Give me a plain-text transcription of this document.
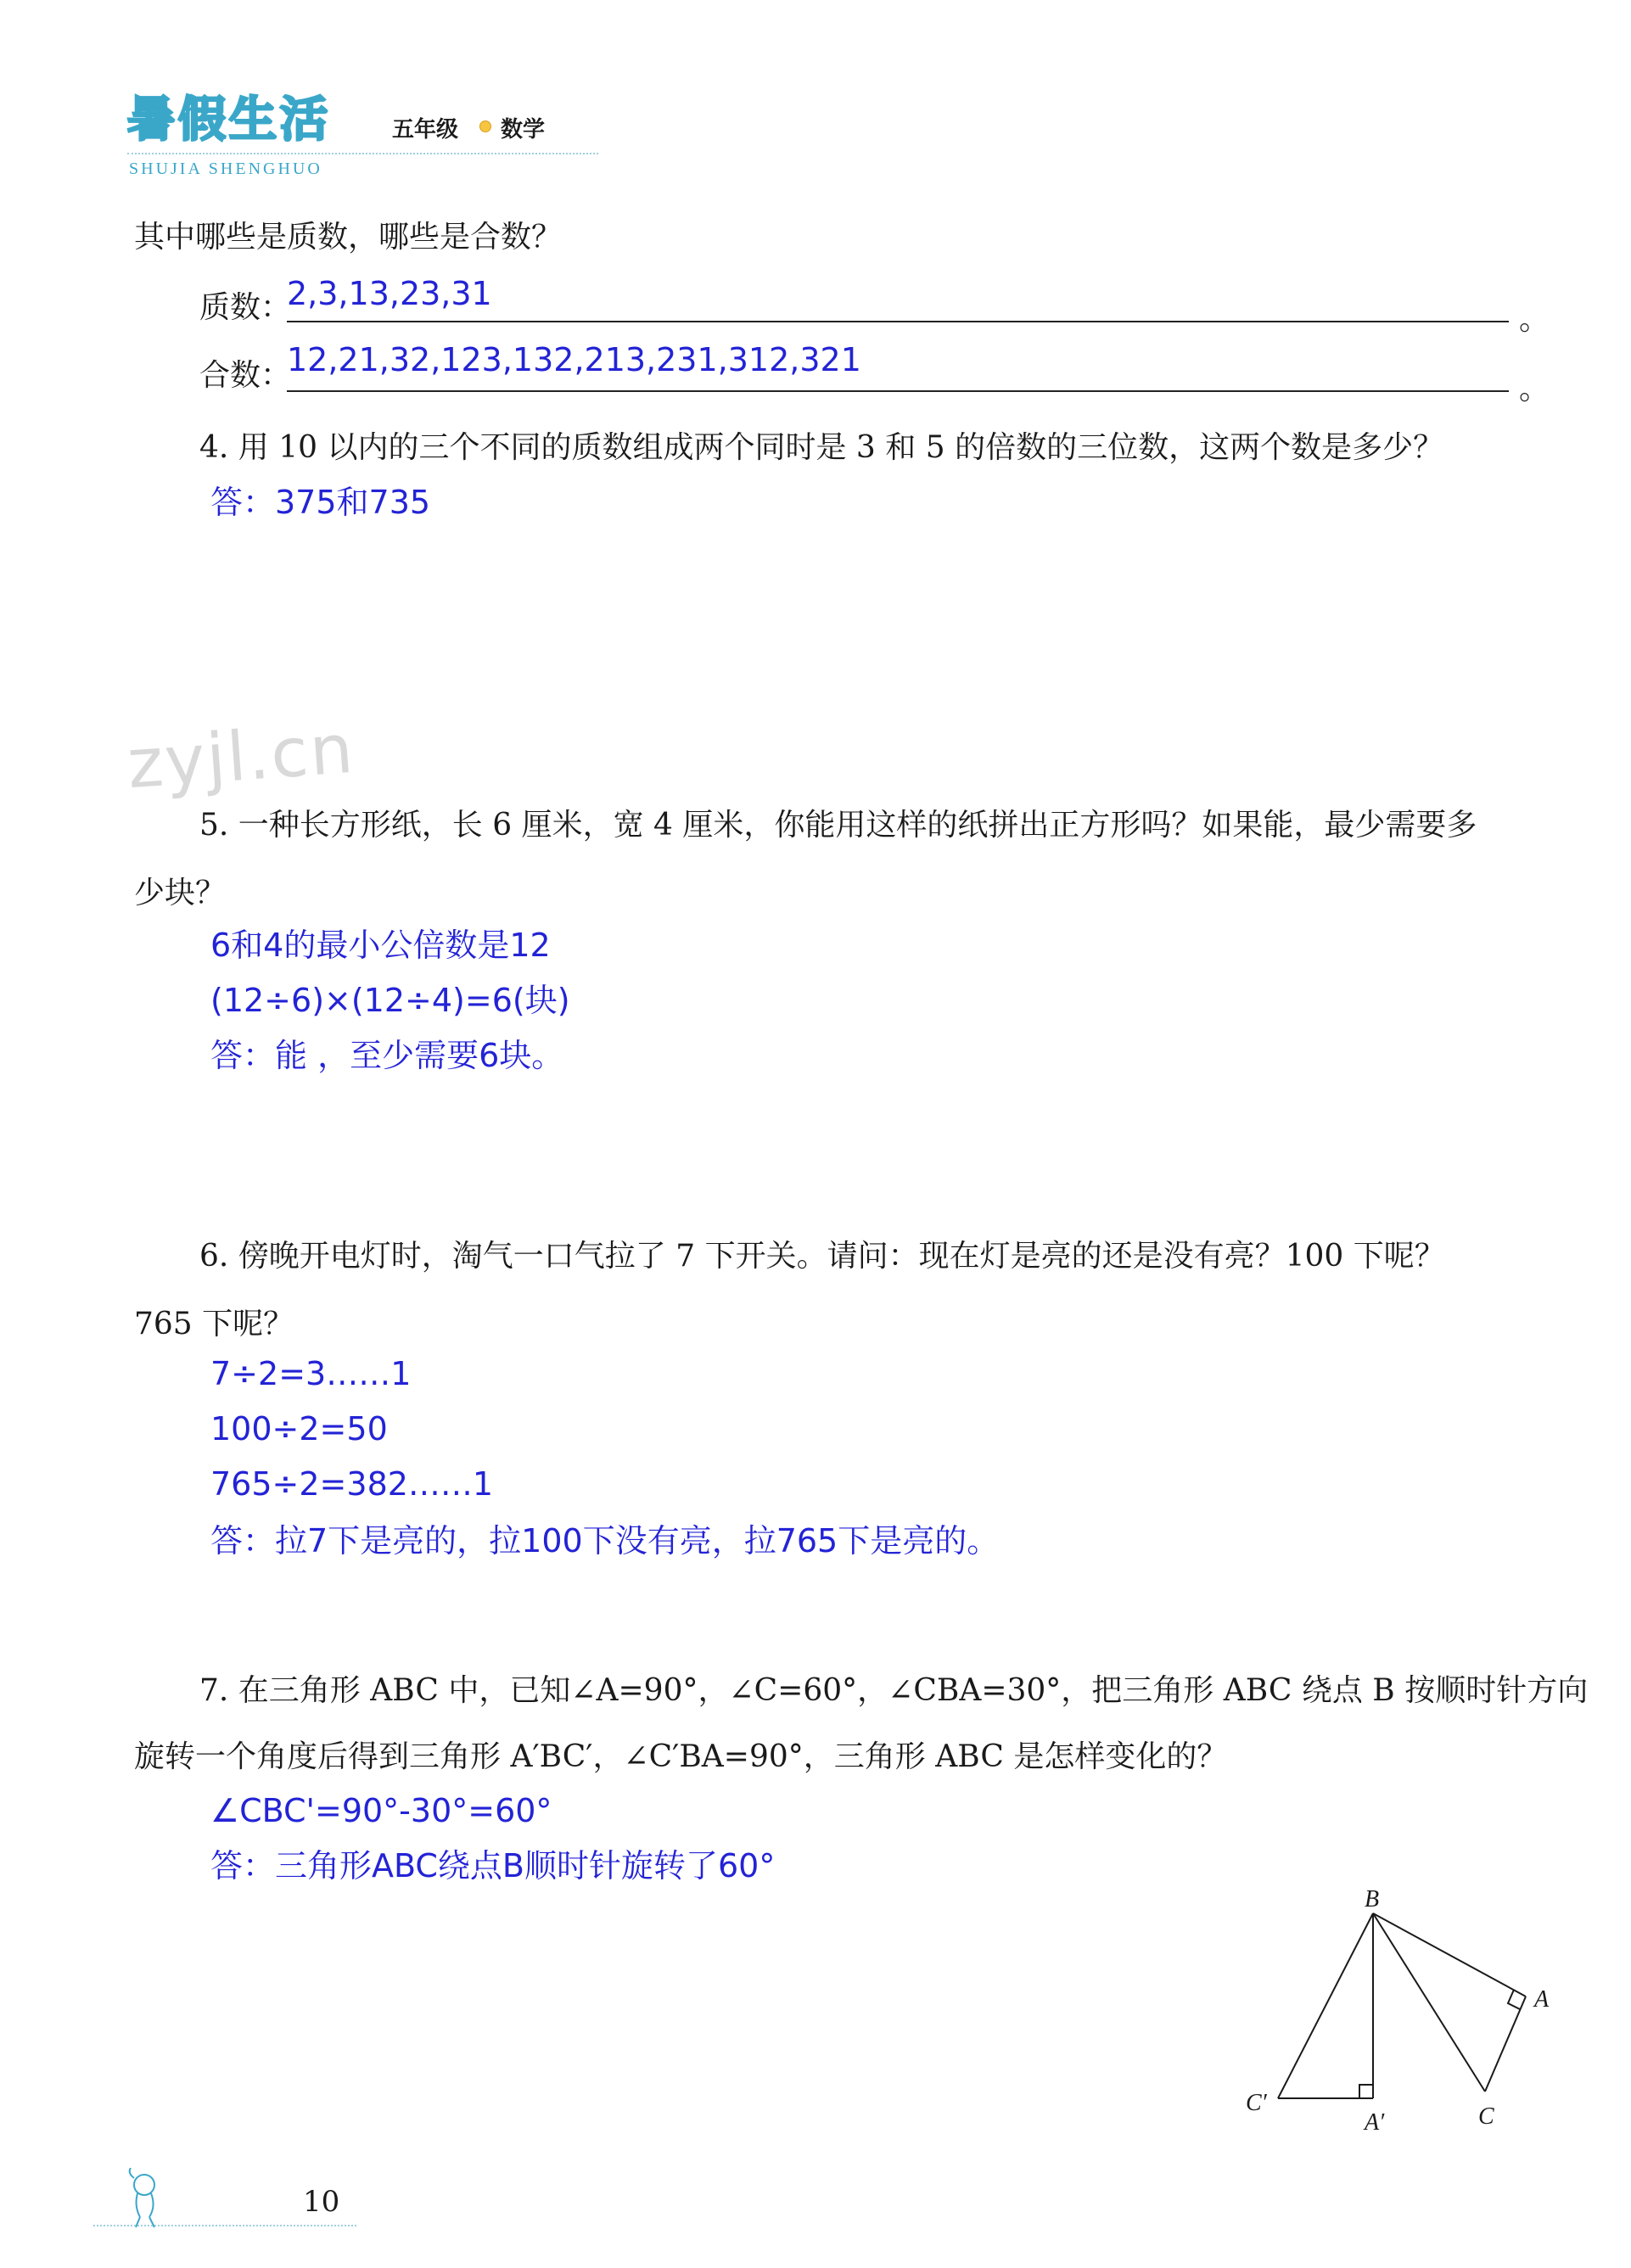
暑假生活	五年级 数学
SHUJIA SHENGHUO
其中哪些是质数，哪些是合数？
质数：
2,3,13,23,31
。
合数：
12,21,32,123,132,213,231,312,321
。
4. 用 10 以内的三个不同的质数组成两个同时是 3 和 5 的倍数的三位数，这两个数是多少？
答：375和735
zyjl.cn
5. 一种长方形纸，长 6 厘米，宽 4 厘米，你能用这样的纸拼出正方形吗？如果能，最少需要多
少块？
6和4的最小公倍数是12
(12÷6)×(12÷4)=6(块)
答：能 ，至少需要6块。
6. 傍晚开电灯时，淘气一口气拉了 7 下开关。请问：现在灯是亮的还是没有亮？100 下呢？
765 下呢？
7÷2=3……1
100÷2=50
765÷2=382……1
答：拉7下是亮的，拉100下没有亮，拉765下是亮的。
7. 在三角形 ABC 中，已知∠A=90°，∠C=60°，∠CBA=30°，把三角形 ABC 绕点 B 按顺时针方向
旋转一个角度后得到三角形 A′BC′，∠C′BA=90°，三角形 ABC 是怎样变化的？
∠CBC'=90°-30°=60°
答：三角形ABC绕点B顺时针旋转了60°
B
A
C
C′
A′
10
